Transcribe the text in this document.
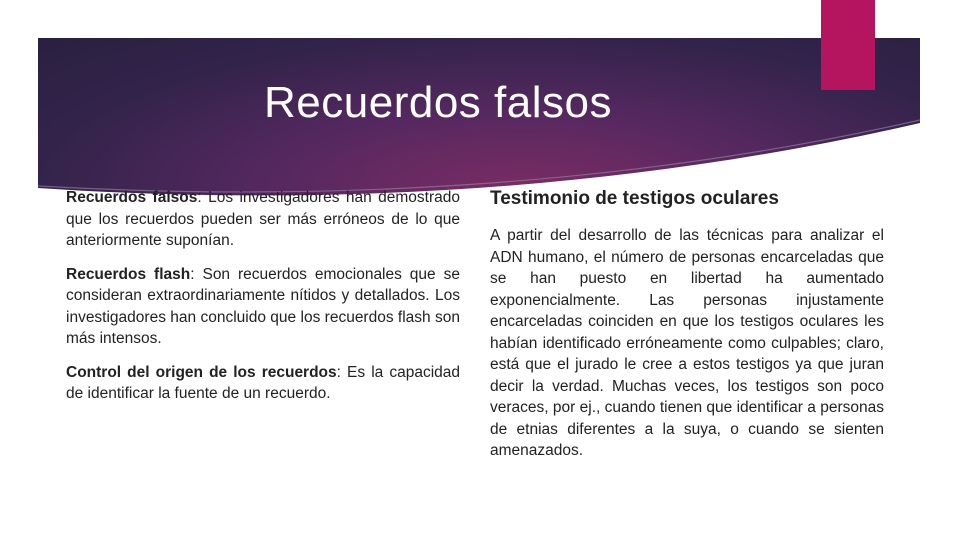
Recuerdos falsos

Recuerdos falsos: Los investigadores han demostrado que los recuerdos pueden ser más erróneos de lo que anteriormente suponían.

Recuerdos flash: Son recuerdos emocionales que se consideran extraordinariamente nítidos y detallados. Los investigadores han concluido que los recuerdos flash son más intensos.

Control del origen de los recuerdos: Es la capacidad de identificar la fuente de un recuerdo.

Testimonio de testigos oculares

A partir del desarrollo de las técnicas para analizar el ADN humano, el número de personas encarceladas que se han puesto en libertad ha aumentado exponencialmente. Las personas injustamente encarceladas coinciden en que los testigos oculares les habían identificado erróneamente como culpables; claro, está que el jurado le cree a estos testigos ya que juran decir la verdad. Muchas veces, los testigos son poco veraces, por ej., cuando tienen que identificar a personas de etnias diferentes a la suya, o cuando se sienten amenazados.
